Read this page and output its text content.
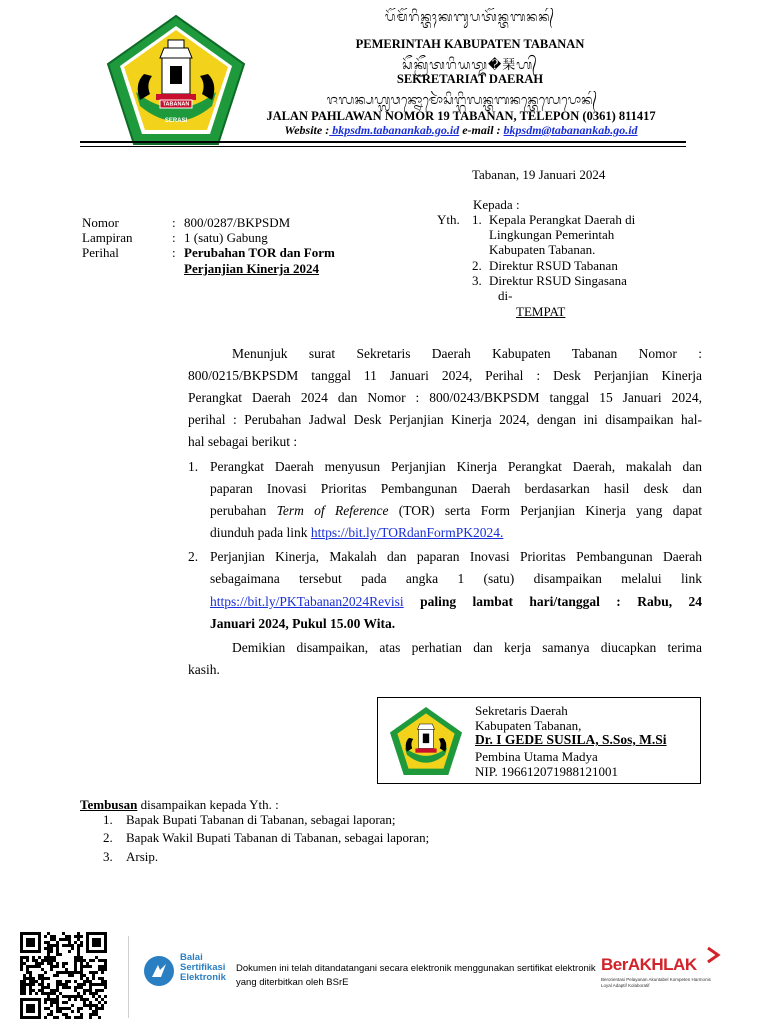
TABANAN
SERASI
ᬧᭂᬫᭂᬭᬶᬦ᭄ᬢᬄᬓᬩᬸᬧᬢᭂᬦ᭄ᬢᬩᬦᬦ᭄
PEMERINTAH KABUPATEN TABANAN
ᬲᭂᬓ᭄ᬭᭂᬢᬭᬶᬬᬢ᭄ᬤ�琹ᬳ᭄
SEKRETARIAT DAERAH
ᬚᬮᬦ᭄ᬧᬳ᭄ᬮᬯᬦ᭄ᬦᭀᬫᭀᬃᬲᬶᬗ᭄ᬕᬶᬮᬦ᭄ᬢᬩᬦᬦ᭄ᬢᬾᬮᬾᬧᭀᬦ᭄
JALAN PAHLAWAN NOMOR 19 TABANAN, TELEPON (0361) 811417
Website : bkpsdm.tabanankab.go.id e-mail : bkpsdm@tabanankab.go.id
Tabanan, 19 Januari 2024
Nomor	: 800/0287/BKPSDM
Lampiran	: 1 (satu) Gabung
Perihal	: Perubahan TOR dan Form
Perjanjian Kinerja 2024
Kepada :
Yth. 1. Kepala Perangkat Daerah di
Lingkungan Pemerintah
Kabupaten Tabanan.
2. Direktur RSUD Tabanan
3. Direktur RSUD Singasana
di-
TEMPAT
Menunjuk surat Sekretaris Daerah Kabupaten Tabanan Nomor :
800/0215/BKPSDM tanggal 11 Januari 2024, Perihal : Desk Perjanjian Kinerja
Perangkat Daerah 2024 dan Nomor : 800/0243/BKPSDM tanggal 15 Januari 2024,
perihal : Perubahan Jadwal Desk Perjanjian Kinerja 2024, dengan ini disampaikan hal-
hal sebagai berikut :
1. Perangkat Daerah menyusun Perjanjian Kinerja Perangkat Daerah, makalah dan
paparan Inovasi Prioritas Pembangunan Daerah berdasarkan hasil desk dan
perubahan Term of Reference (TOR) serta Form Perjanjian Kinerja yang dapat
diunduh pada link https://bit.ly/TORdanFormPK2024.
2. Perjanjian Kinerja, Makalah dan paparan Inovasi Prioritas Pembangunan Daerah
sebagaimana tersebut pada angka 1 (satu) disampaikan melalui link
https://bit.ly/PKTabanan2024Revisi paling lambat hari/tanggal : Rabu, 24
Januari 2024, Pukul 15.00 Wita.
Demikian disampaikan, atas perhatian dan kerja samanya diucapkan terima
kasih.
Sekretaris Daerah
Kabupaten Tabanan,
Dr. I GEDE SUSILA, S.Sos, M.Si
Pembina Utama Madya
NIP. 196612071988121001
Tembusan disampaikan kepada Yth. :
1. Bapak Bupati Tabanan di Tabanan, sebagai laporan;
2. Bapak Wakil Bupati Tabanan di Tabanan, sebagai laporan;
3. Arsip.
Balai
Sertifikasi
Elektronik
Dokumen ini telah ditandatangani secara elektronik menggunakan sertifikat elektronik
yang diterbitkan oleh BSrE
BerAKHLAK
Berorientasi Pelayanan Akuntabel Kompeten Harmonis Loyal Adaptif Kolaboratif
